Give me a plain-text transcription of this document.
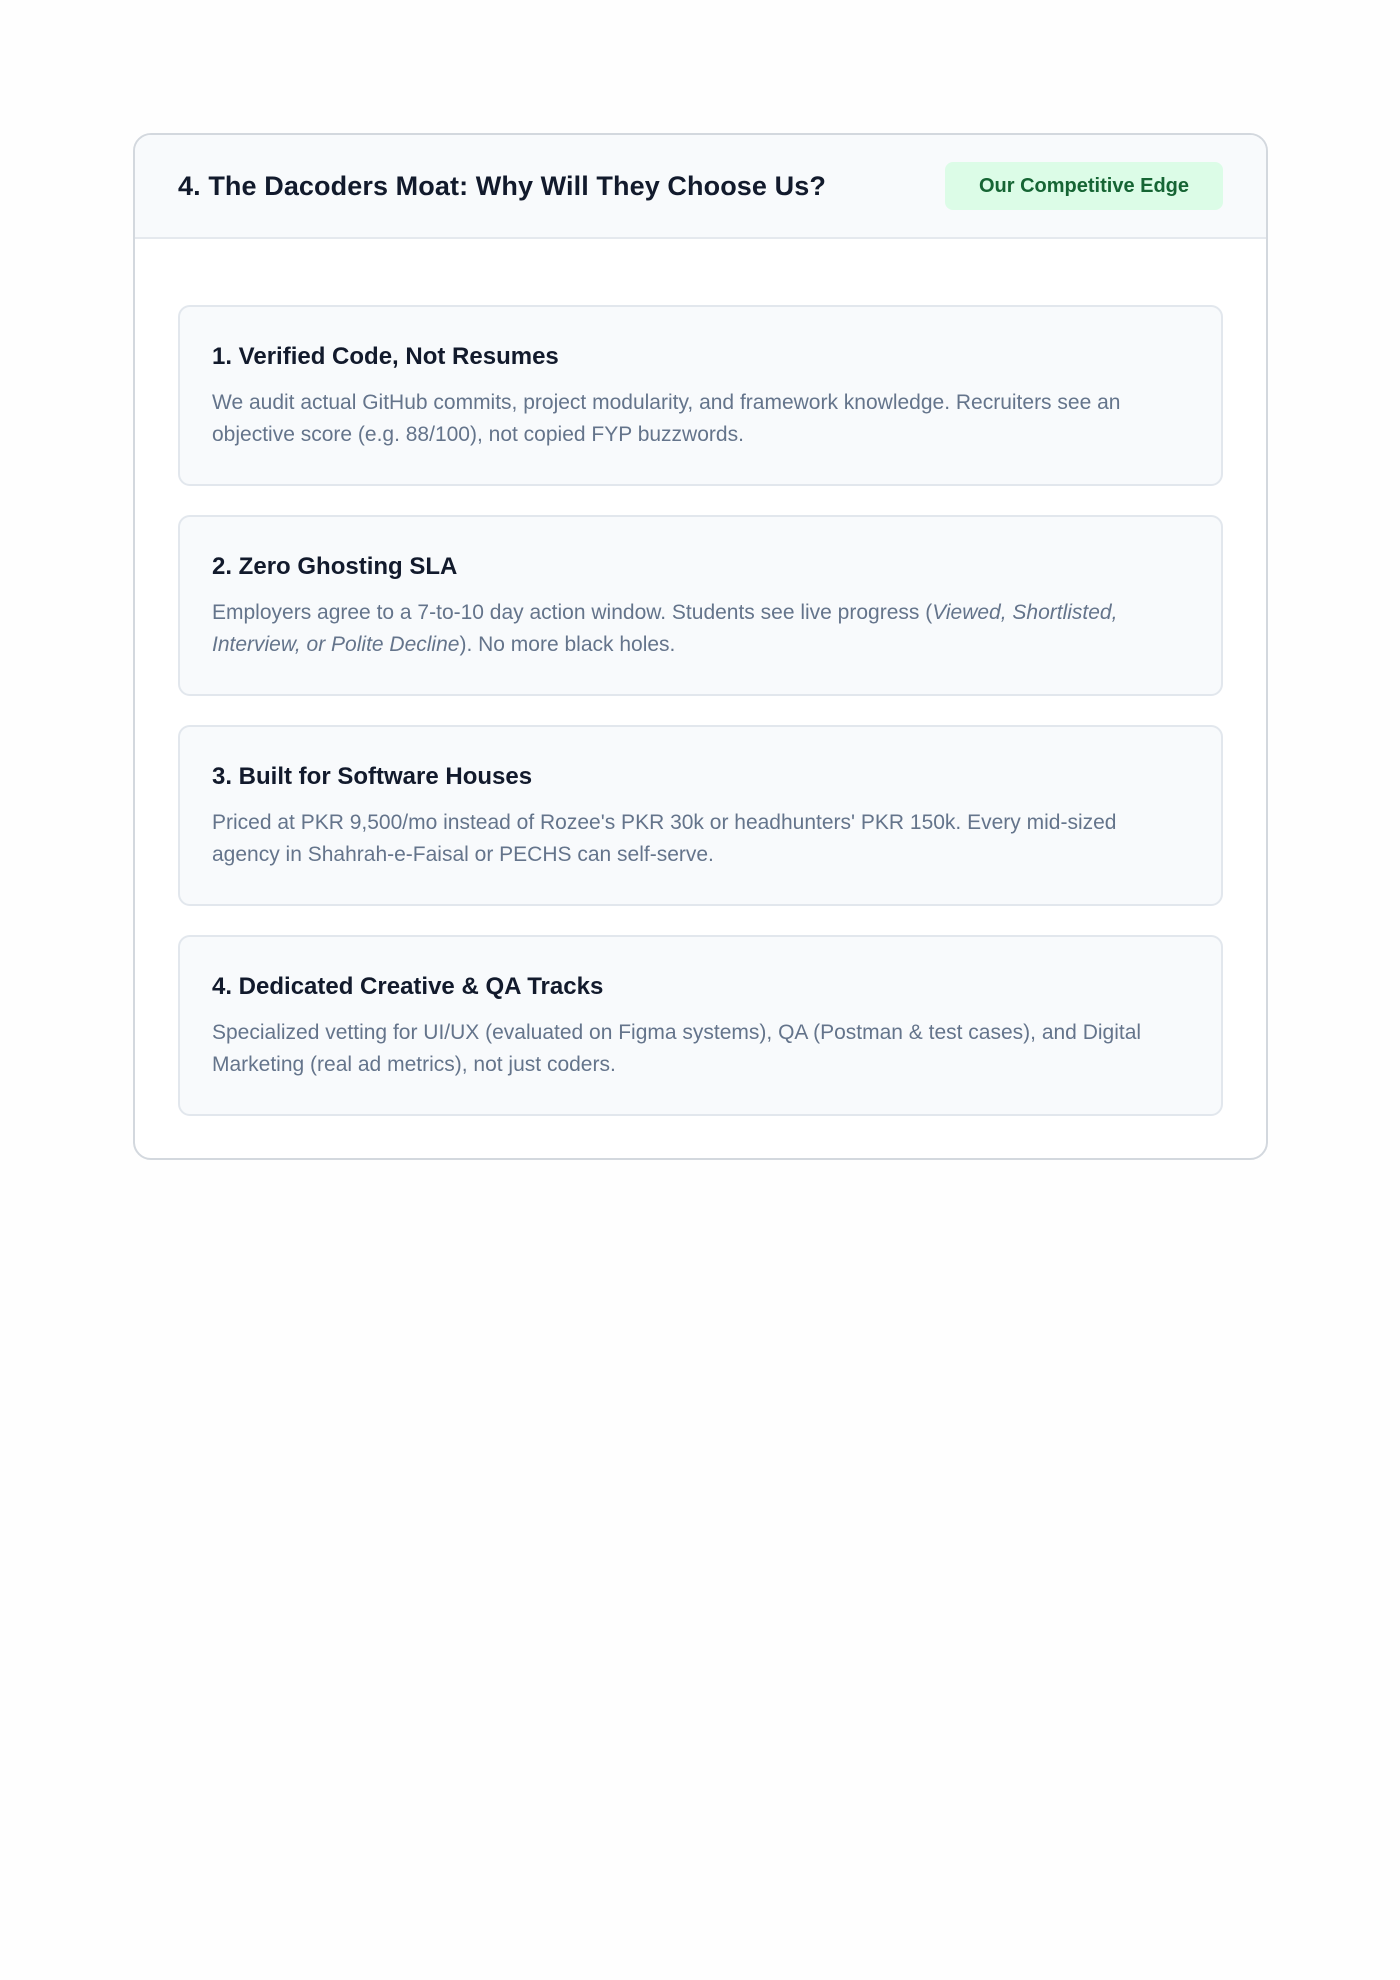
4. The Dacoders Moat: Why Will They Choose Us?	Our Competitive Edge
1. Verified Code, Not Resumes

We audit actual GitHub commits, project modularity, and framework knowledge. Recruiters see an objective score (e.g. 88/100), not copied FYP buzzwords.

2. Zero Ghosting SLA

Employers agree to a 7-to-10 day action window. Students see live progress (Viewed, Shortlisted, Interview, or Polite Decline). No more black holes.

3. Built for Software Houses

Priced at PKR 9,500/mo instead of Rozee's PKR 30k or headhunters' PKR 150k. Every mid-sized agency in Shahrah-e-Faisal or PECHS can self-serve.

4. Dedicated Creative & QA Tracks

Specialized vetting for UI/UX (evaluated on Figma systems), QA (Postman & test cases), and Digital Marketing (real ad metrics), not just coders.
